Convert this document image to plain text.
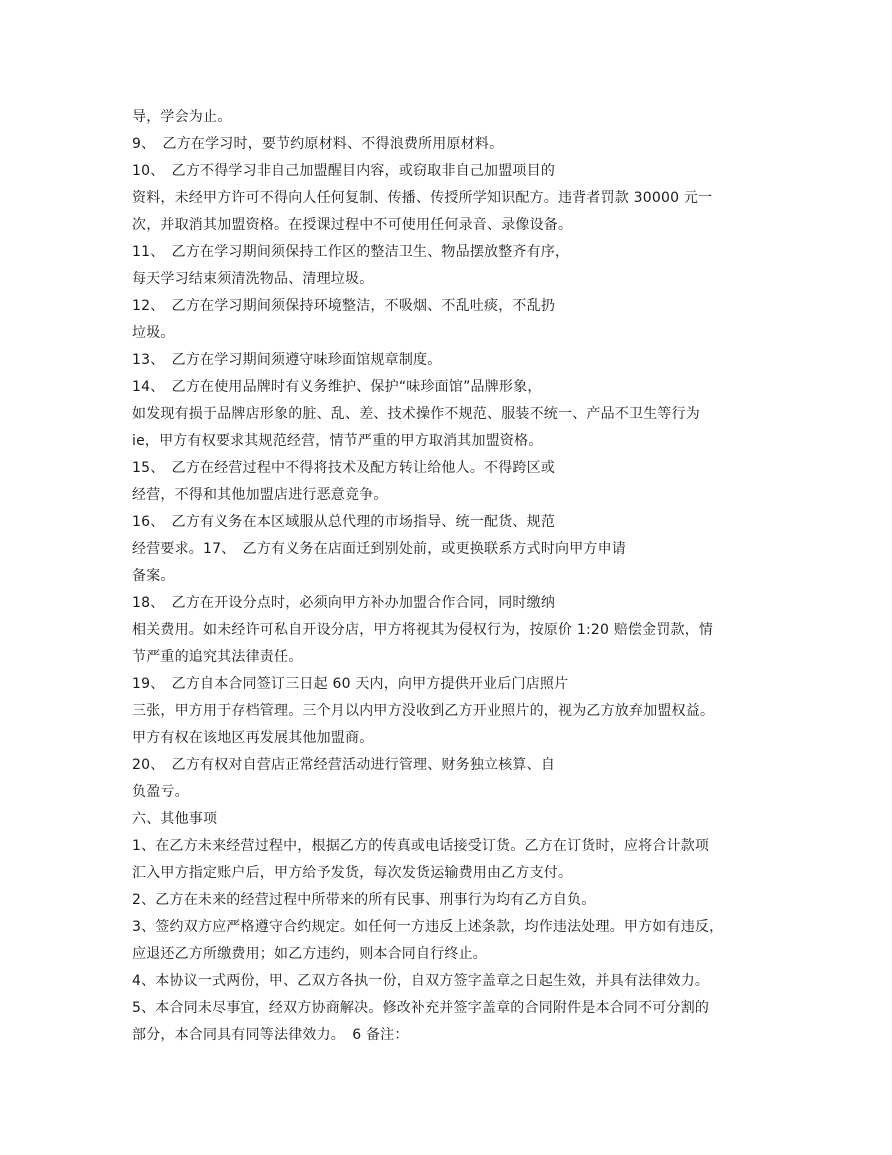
导，学会为止。
9、　乙方在学习时，要节约原材料、不得浪费所用原材料。
10、　乙方不得学习非自己加盟醒目内容，或窃取非自己加盟项目的
资料，未经甲方许可不得向人任何复制、传播、传授所学知识配方。违背者罚款 30000 元一
次，并取消其加盟资格。在授课过程中不可使用任何录音、录像设备。
11、　乙方在学习期间须保持工作区的整洁卫生、物品摆放整齐有序，
每天学习结束须清洗物品、清理垃圾。
12、　乙方在学习期间须保持环境整洁，不吸烟、不乱吐痰，不乱扔
垃圾。
13、　乙方在学习期间须遵守味珍面馆规章制度。
14、　乙方在使用品牌时有义务维护、保护“味珍面馆”品牌形象，
如发现有损于品牌店形象的脏、乱、差、技术操作不规范、服装不统一、产品不卫生等行为
ie，甲方有权要求其规范经营，情节严重的甲方取消其加盟资格。
15、　乙方在经营过程中不得将技术及配方转让给他人。不得跨区或
经营，不得和其他加盟店进行恶意竞争。
16、　乙方有义务在本区域服从总代理的市场指导、统一配货、规范
经营要求。17、　乙方有义务在店面迁到别处前，或更换联系方式时向甲方申请
备案。
18、　乙方在开设分点时，必须向甲方补办加盟合作合同，同时缴纳
相关费用。如未经许可私自开设分店，甲方将视其为侵权行为，按原价 1:20 赔偿金罚款，情
节严重的追究其法律责任。
19、　乙方自本合同签订三日起 60 天内，向甲方提供开业后门店照片
三张，甲方用于存档管理。三个月以内甲方没收到乙方开业照片的，视为乙方放弃加盟权益。
甲方有权在该地区再发展其他加盟商。
20、　乙方有权对自营店正常经营活动进行管理、财务独立核算、自
负盈亏。
六、其他事项
1、在乙方未来经营过程中，根据乙方的传真或电话接受订货。乙方在订货时，应将合计款项
汇入甲方指定账户后，甲方给予发货，每次发货运输费用由乙方支付。
2、乙方在未来的经营过程中所带来的所有民事、刑事行为均有乙方自负。
3、签约双方应严格遵守合约规定。如任何一方违反上述条款，均作违法处理。甲方如有违反，
应退还乙方所缴费用；如乙方违约，则本合同自行终止。
4、本协议一式两份，甲、乙双方各执一份，自双方签字盖章之日起生效，并具有法律效力。
5、本合同未尽事宜，经双方协商解决。修改补充并签字盖章的合同附件是本合同不可分割的
部分，本合同具有同等法律效力。　6 备注：
